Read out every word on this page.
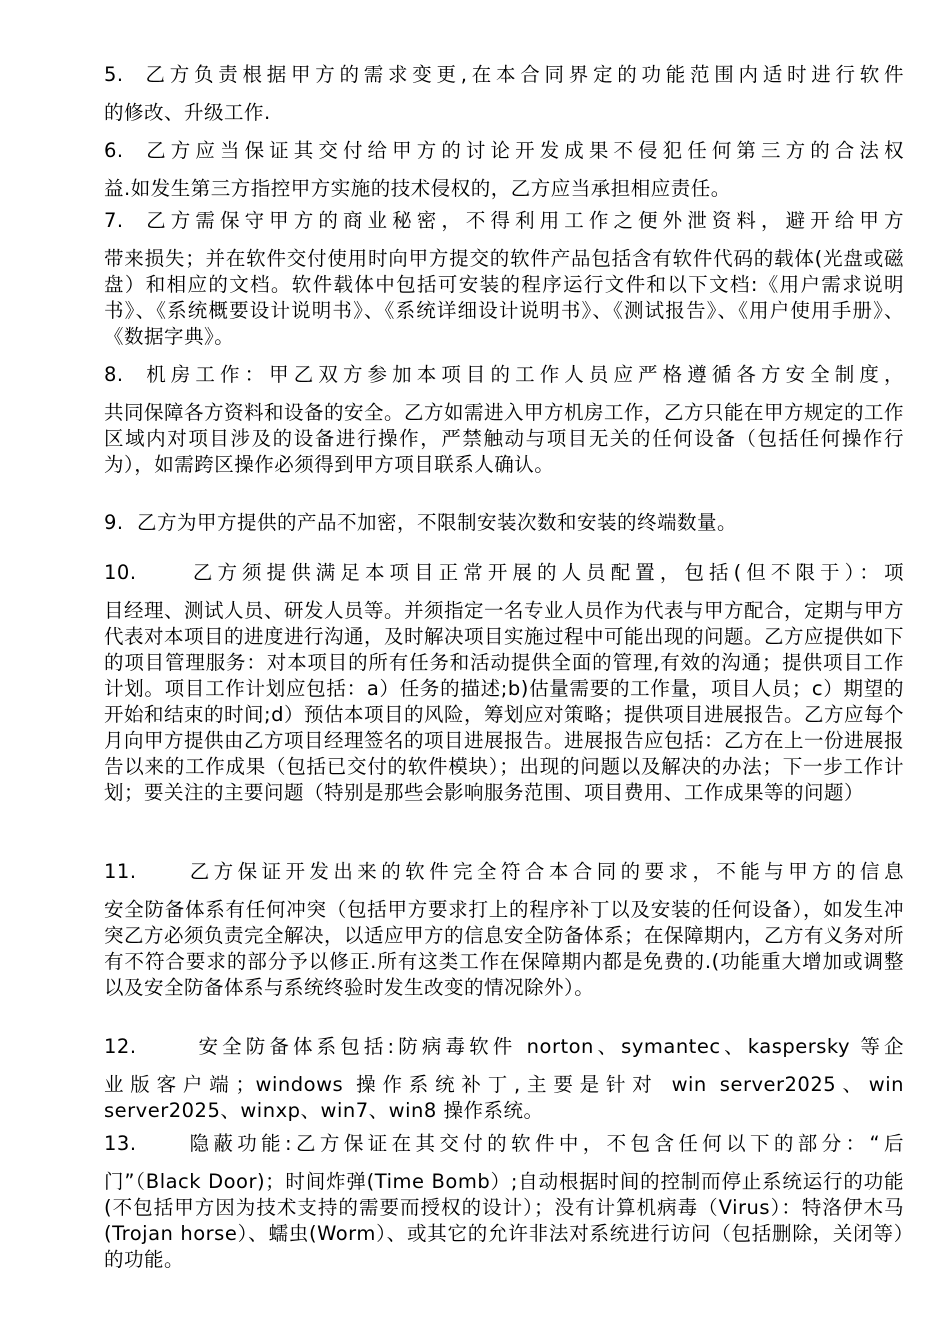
5. 乙方负责根据甲方的需求变更,在本合同界定的功能范围内适时进行软件
的修改、升级工作.
6. 乙方应当保证其交付给甲方的讨论开发成果不侵犯任何第三方的合法权
益.如发生第三方指控甲方实施的技术侵权的，乙方应当承担相应责任。
7. 乙方需保守甲方的商业秘密，不得利用工作之便外泄资料，避开给甲方
带来损失；并在软件交付使用时向甲方提交的软件产品包括含有软件代码的载体(光盘或磁盘）和相应的文档。软件载体中包括可安装的程序运行文件和以下文档:《用户需求说明书》、《系统概要设计说明书》、《系统详细设计说明书》、《测试报告》、《用户使用手册》、《数据字典》。
8. 机房工作：甲乙双方参加本项目的工作人员应严格遵循各方安全制度，
共同保障各方资料和设备的安全。乙方如需进入甲方机房工作，乙方只能在甲方规定的工作区域内对项目涉及的设备进行操作，严禁触动与项目无关的任何设备（包括任何操作行为），如需跨区操作必须得到甲方项目联系人确认。
9. 乙方为甲方提供的产品不加密，不限制安装次数和安装的终端数量。
10.	乙方须提供满足本项目正常开展的人员配置，包括(但不限于）：项
目经理、测试人员、研发人员等。并须指定一名专业人员作为代表与甲方配合，定期与甲方代表对本项目的进度进行沟通，及时解决项目实施过程中可能出现的问题。乙方应提供如下的项目管理服务：对本项目的所有任务和活动提供全面的管理,有效的沟通；提供项目工作计划。项目工作计划应包括：a）任务的描述;b)估量需要的工作量，项目人员；c）期望的开始和结束的时间;d）预估本项目的风险，筹划应对策略；提供项目进展报告。乙方应每个月向甲方提供由乙方项目经理签名的项目进展报告。进展报告应包括：乙方在上一份进展报告以来的工作成果（包括已交付的软件模块）；出现的问题以及解决的办法；下一步工作计划；要关注的主要问题（特别是那些会影响服务范围、项目费用、工作成果等的问题）
11.	乙方保证开发出来的软件完全符合本合同的要求，不能与甲方的信息
安全防备体系有任何冲突（包括甲方要求打上的程序补丁以及安装的任何设备），如发生冲突乙方必须负责完全解决，以适应甲方的信息安全防备体系；在保障期内，乙方有义务对所有不符合要求的部分予以修正.所有这类工作在保障期内都是免费的.(功能重大增加或调整以及安全防备体系与系统终验时发生改变的情况除外）。
12.	安全防备体系包括:防病毒软件 norton、symantec、kaspersky 等企
业版客户端；windows 操作系统补丁,主要是针对 win server2025、win server2025、winxp、win7、win8 操作系统。
13.	隐蔽功能:乙方保证在其交付的软件中，不包含任何以下的部分：“后
门”（Black Door)；时间炸弹(Time Bomb）;自动根据时间的控制而停止系统运行的功能(不包括甲方因为技术支持的需要而授权的设计）；没有计算机病毒（Virus）：特洛伊木马(Trojan horse）、蠕虫(Worm）、或其它的允许非法对系统进行访问（包括删除，关闭等）的功能。
